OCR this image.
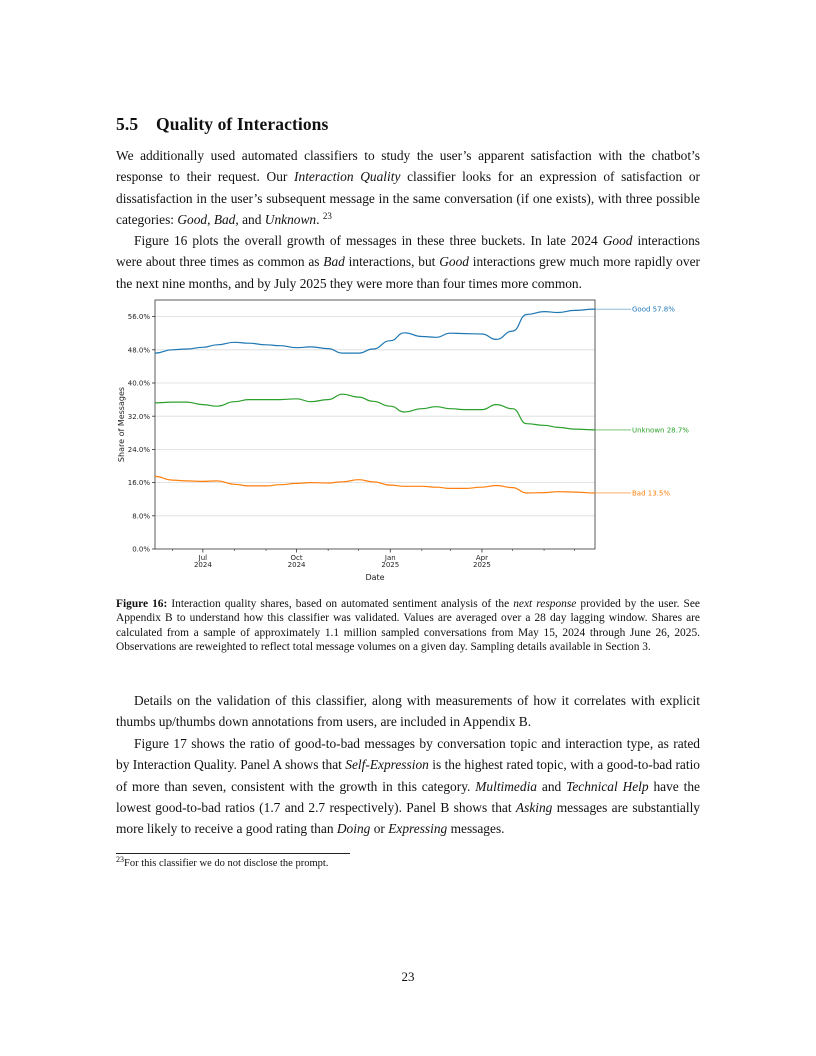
5.5 Quality of Interactions

We additionally used automated classifiers to study the user’s apparent satisfaction with the chatbot’s response to their request. Our Interaction Quality classifier looks for an expression of satisfaction or dissatisfaction in the user’s subsequent message in the same conversation (if one exists), with three possible categories: Good, Bad, and Unknown. $^{23}$

Figure 16 plots the overall growth of messages in these three buckets. In late 2024 Good interactions were about three times as common as Bad interactions, but Good interactions grew much more rapidly over the next nine months, and by July 2025 they were more than four times more common.

0.0%
8.0%
16.0%
24.0%
32.0%
40.0%
48.0%
56.0%
Jul
2024
Oct
2024
Jan
2025
Apr
2025
Good 57.8%
Unknown 28.7%
Bad 13.5%
Share of Messages
Date

Figure 16: Interaction quality shares, based on automated sentiment analysis of the next response provided by the user. See Appendix B to understand how this classifier was validated. Values are averaged over a 28 day lagging window. Shares are calculated from a sample of approximately 1.1 million sampled conversations from May 15, 2024 through June 26, 2025. Observations are reweighted to reflect total message volumes on a given day. Sampling details available in Section 3.

Details on the validation of this classifier, along with measurements of how it correlates with explicit thumbs up/thumbs down annotations from users, are included in Appendix B.

Figure 17 shows the ratio of good-to-bad messages by conversation topic and interaction type, as rated by Interaction Quality. Panel A shows that Self-Expression is the highest rated topic, with a good-to-bad ratio of more than seven, consistent with the growth in this category. Multimedia and Technical Help have the lowest good-to-bad ratios (1.7 and 2.7 respectively). Panel B shows that Asking messages are substantially more likely to receive a good rating than Doing or Expressing messages.

$^{23}$For this classifier we do not disclose the prompt.

23
